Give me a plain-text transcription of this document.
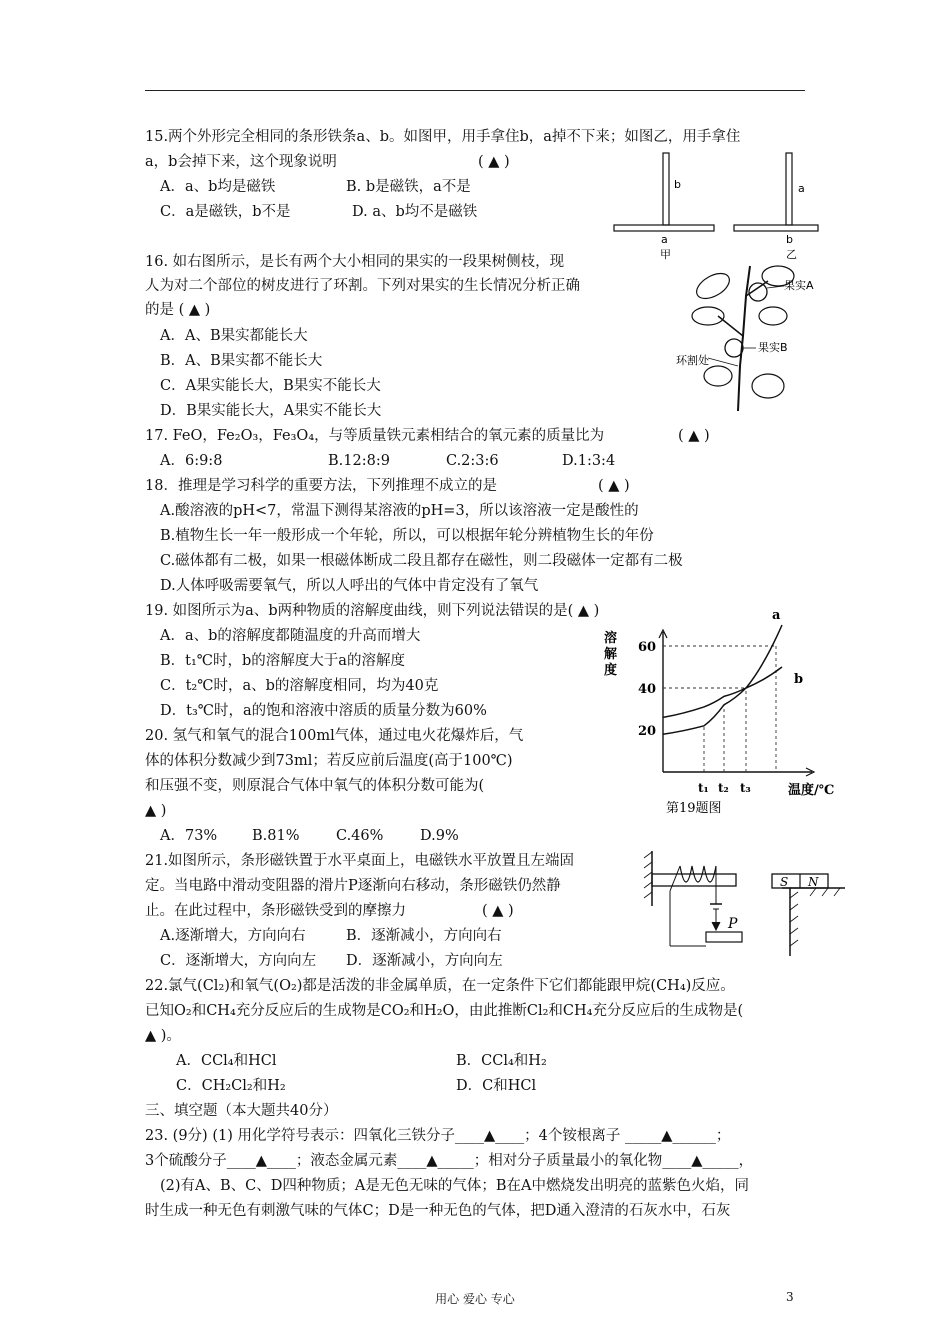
15.两个外形完全相同的条形铁条a、b。如图甲，用手拿住b，a掉不下来；如图乙，用手拿住
a，b会掉下来，这个现象说明	( ▲ )
A．a、b均是磁铁	B. b是磁铁，a不是
C．a是磁铁，b不是	D. a、b均不是磁铁
b
a
甲
a
b
乙
16. 如右图所示，是长有两个大小相同的果实的一段果树侧枝，现
人为对二个部位的树皮进行了环割。下列对果实的生长情况分析正确
的是 ( ▲ )
A．A、B果实都能长大
B．A、B果实都不能长大
C．A果实能长大，B果实不能长大
D．B果实能长大，A果实不能长大
果实A
果实B
环割处
17. FeO，Fe₂O₃，Fe₃O₄，与等质量铁元素相结合的氧元素的质量比为	( ▲ )
A．6:9:8	B.12:8:9	C.2:3:6	D.1:3:4
18．推理是学习科学的重要方法，下列推理不成立的是	( ▲ )
A.酸溶液的pH<7，常温下测得某溶液的pH=3，所以该溶液一定是酸性的
B.植物生长一年一般形成一个年轮，所以，可以根据年轮分辨植物生长的年份
C.磁体都有二极，如果一根磁体断成二段且都存在磁性，则二段磁体一定都有二极
D.人体呼吸需要氧气，所以人呼出的气体中肯定没有了氧气
19. 如图所示为a、b两种物质的溶解度曲线，则下列说法错误的是( ▲ )
A．a、b的溶解度都随温度的升高而增大
B．t₁℃时，b的溶解度大于a的溶解度
C．t₂℃时，a、b的溶解度相同，均为40克
D．t₃℃时，a的饱和溶液中溶质的质量分数为60%
溶解度
温度/℃
20
40
60
t₁ t₂ t₃
a
b
第19题图
20. 氢气和氧气的混合100ml气体，通过电火花爆炸后，气
体的体积分数减少到73ml；若反应前后温度(高于100℃)
和压强不变，则原混合气体中氧气的体积分数可能为(
▲ )
A．73% B.81%	C.46%	D.9%
21.如图所示，条形磁铁置于水平桌面上，电磁铁水平放置且左端固
定。当电路中滑动变阻器的滑片P逐渐向右移动，条形磁铁仍然静
止。在此过程中，条形磁铁受到的摩擦力	( ▲ )
A.逐渐增大，方向向右	B．逐渐减小，方向向右
C．逐渐增大，方向向左 D．逐渐减小，方向向左
P
S N
22.氯气(Cl₂)和氧气(O₂)都是活泼的非金属单质，在一定条件下它们都能跟甲烷(CH₄)反应。
已知O₂和CH₄充分反应后的生成物是CO₂和H₂O，由此推断Cl₂和CH₄充分反应后的生成物是(
▲ )。
A．CCl₄和HCl	B．CCl₄和H₂
C．CH₂Cl₂和H₂	D．C和HCl
三、填空题（本大题共40分）
23. (9分) (1) 用化学符号表示：四氧化三铁分子____▲____；4个铵根离子 _____▲______；
3个硫酸分子____▲____；液态金属元素____▲_____；相对分子质量最小的氧化物____▲_____，
(2)有A、B、C、D四种物质；A是无色无味的气体；B在A中燃烧发出明亮的蓝紫色火焰，同
时生成一种无色有刺激气味的气体C；D是一种无色的气体，把D通入澄清的石灰水中，石灰
用心 爱心 专心	3
